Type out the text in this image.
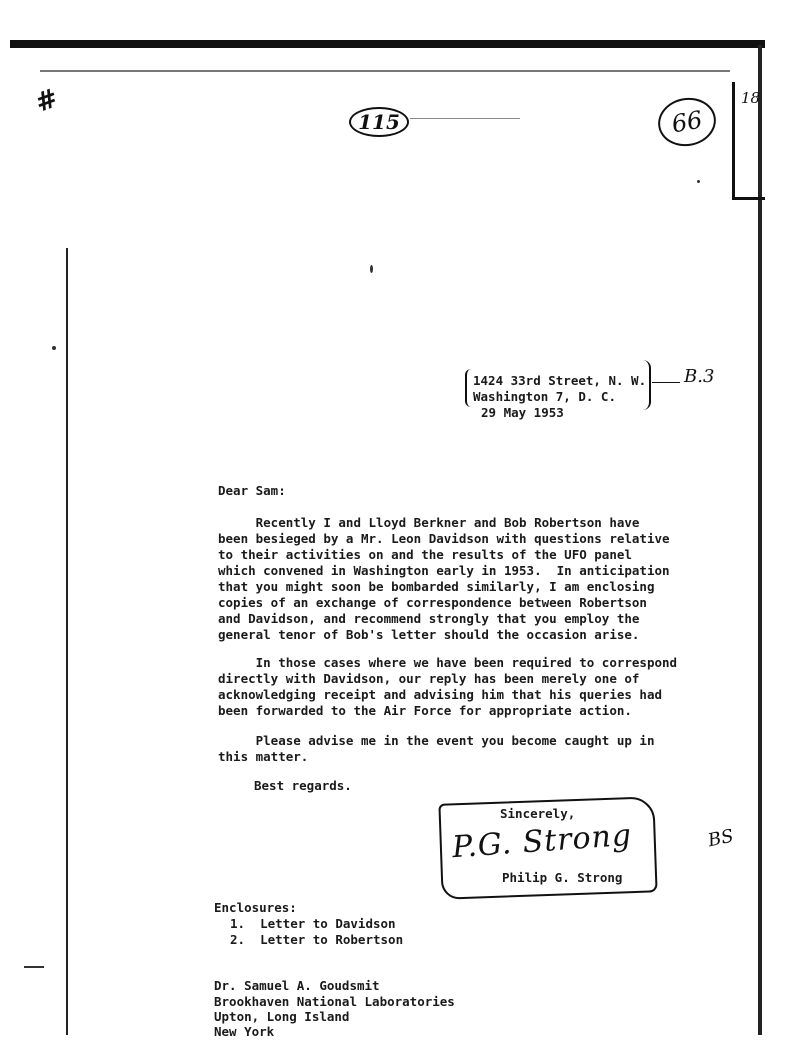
#
115	66
18
1424 33rd Street, N. W.
Washington 7, D. C.
29 May 1953
B.3
Dear Sam:
Recently I and Lloyd Berkner and Bob Robertson have
been besieged by a Mr. Leon Davidson with questions relative
to their activities on and the results of the UFO panel
which convened in Washington early in 1953.  In anticipation
that you might soon be bombarded similarly, I am enclosing
copies of an exchange of correspondence between Robertson
and Davidson, and recommend strongly that you employ the
general tenor of Bob's letter should the occasion arise.
In those cases where we have been required to correspond
directly with Davidson, our reply has been merely one of
acknowledging receipt and advising him that his queries had
been forwarded to the Air Force for appropriate action.
Please advise me in the event you become caught up in
this matter.
Best regards.
Sincerely,
P.G. Strong
Philip G. Strong
BS
Enclosures:
1.  Letter to Davidson
2.  Letter to Robertson
Dr. Samuel A. Goudsmit
Brookhaven National Laboratories
Upton, Long Island
New York
